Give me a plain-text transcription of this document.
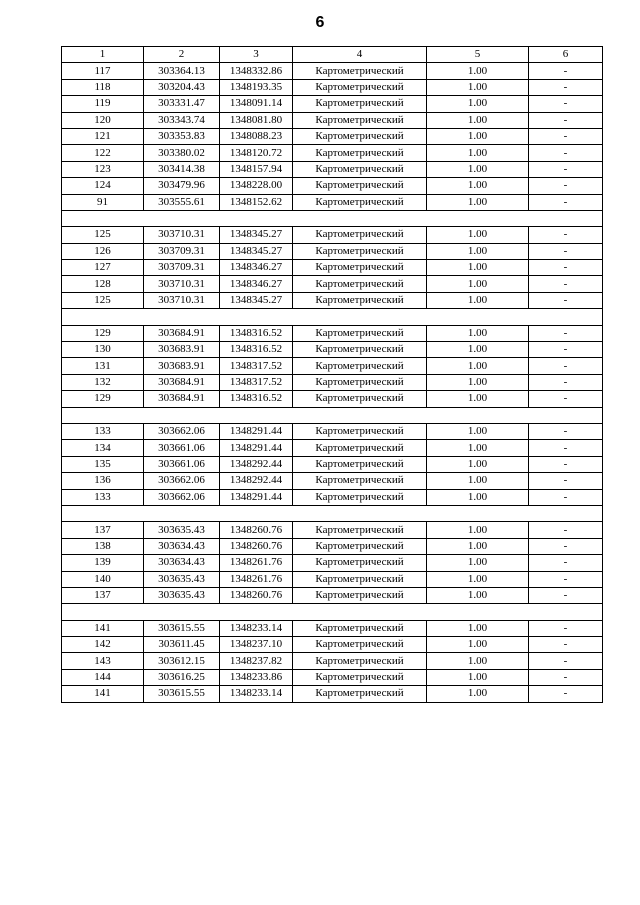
6
1	2	3	4	5	6
117	303364.13	1348332.86	Картометрический	1.00	-
118	303204.43	1348193.35	Картометрический	1.00	-
119	303331.47	1348091.14	Картометрический	1.00	-
120	303343.74	1348081.80	Картометрический	1.00	-
121	303353.83	1348088.23	Картометрический	1.00	-
122	303380.02	1348120.72	Картометрический	1.00	-
123	303414.38	1348157.94	Картометрический	1.00	-
124	303479.96	1348228.00	Картометрический	1.00	-
91	303555.61	1348152.62	Картометрический	1.00	-

125	303710.31	1348345.27	Картометрический	1.00	-
126	303709.31	1348345.27	Картометрический	1.00	-
127	303709.31	1348346.27	Картометрический	1.00	-
128	303710.31	1348346.27	Картометрический	1.00	-
125	303710.31	1348345.27	Картометрический	1.00	-

129	303684.91	1348316.52	Картометрический	1.00	-
130	303683.91	1348316.52	Картометрический	1.00	-
131	303683.91	1348317.52	Картометрический	1.00	-
132	303684.91	1348317.52	Картометрический	1.00	-
129	303684.91	1348316.52	Картометрический	1.00	-

133	303662.06	1348291.44	Картометрический	1.00	-
134	303661.06	1348291.44	Картометрический	1.00	-
135	303661.06	1348292.44	Картометрический	1.00	-
136	303662.06	1348292.44	Картометрический	1.00	-
133	303662.06	1348291.44	Картометрический	1.00	-

137	303635.43	1348260.76	Картометрический	1.00	-
138	303634.43	1348260.76	Картометрический	1.00	-
139	303634.43	1348261.76	Картометрический	1.00	-
140	303635.43	1348261.76	Картометрический	1.00	-
137	303635.43	1348260.76	Картометрический	1.00	-

141	303615.55	1348233.14	Картометрический	1.00	-
142	303611.45	1348237.10	Картометрический	1.00	-
143	303612.15	1348237.82	Картометрический	1.00	-
144	303616.25	1348233.86	Картометрический	1.00	-
141	303615.55	1348233.14	Картометрический	1.00	-
